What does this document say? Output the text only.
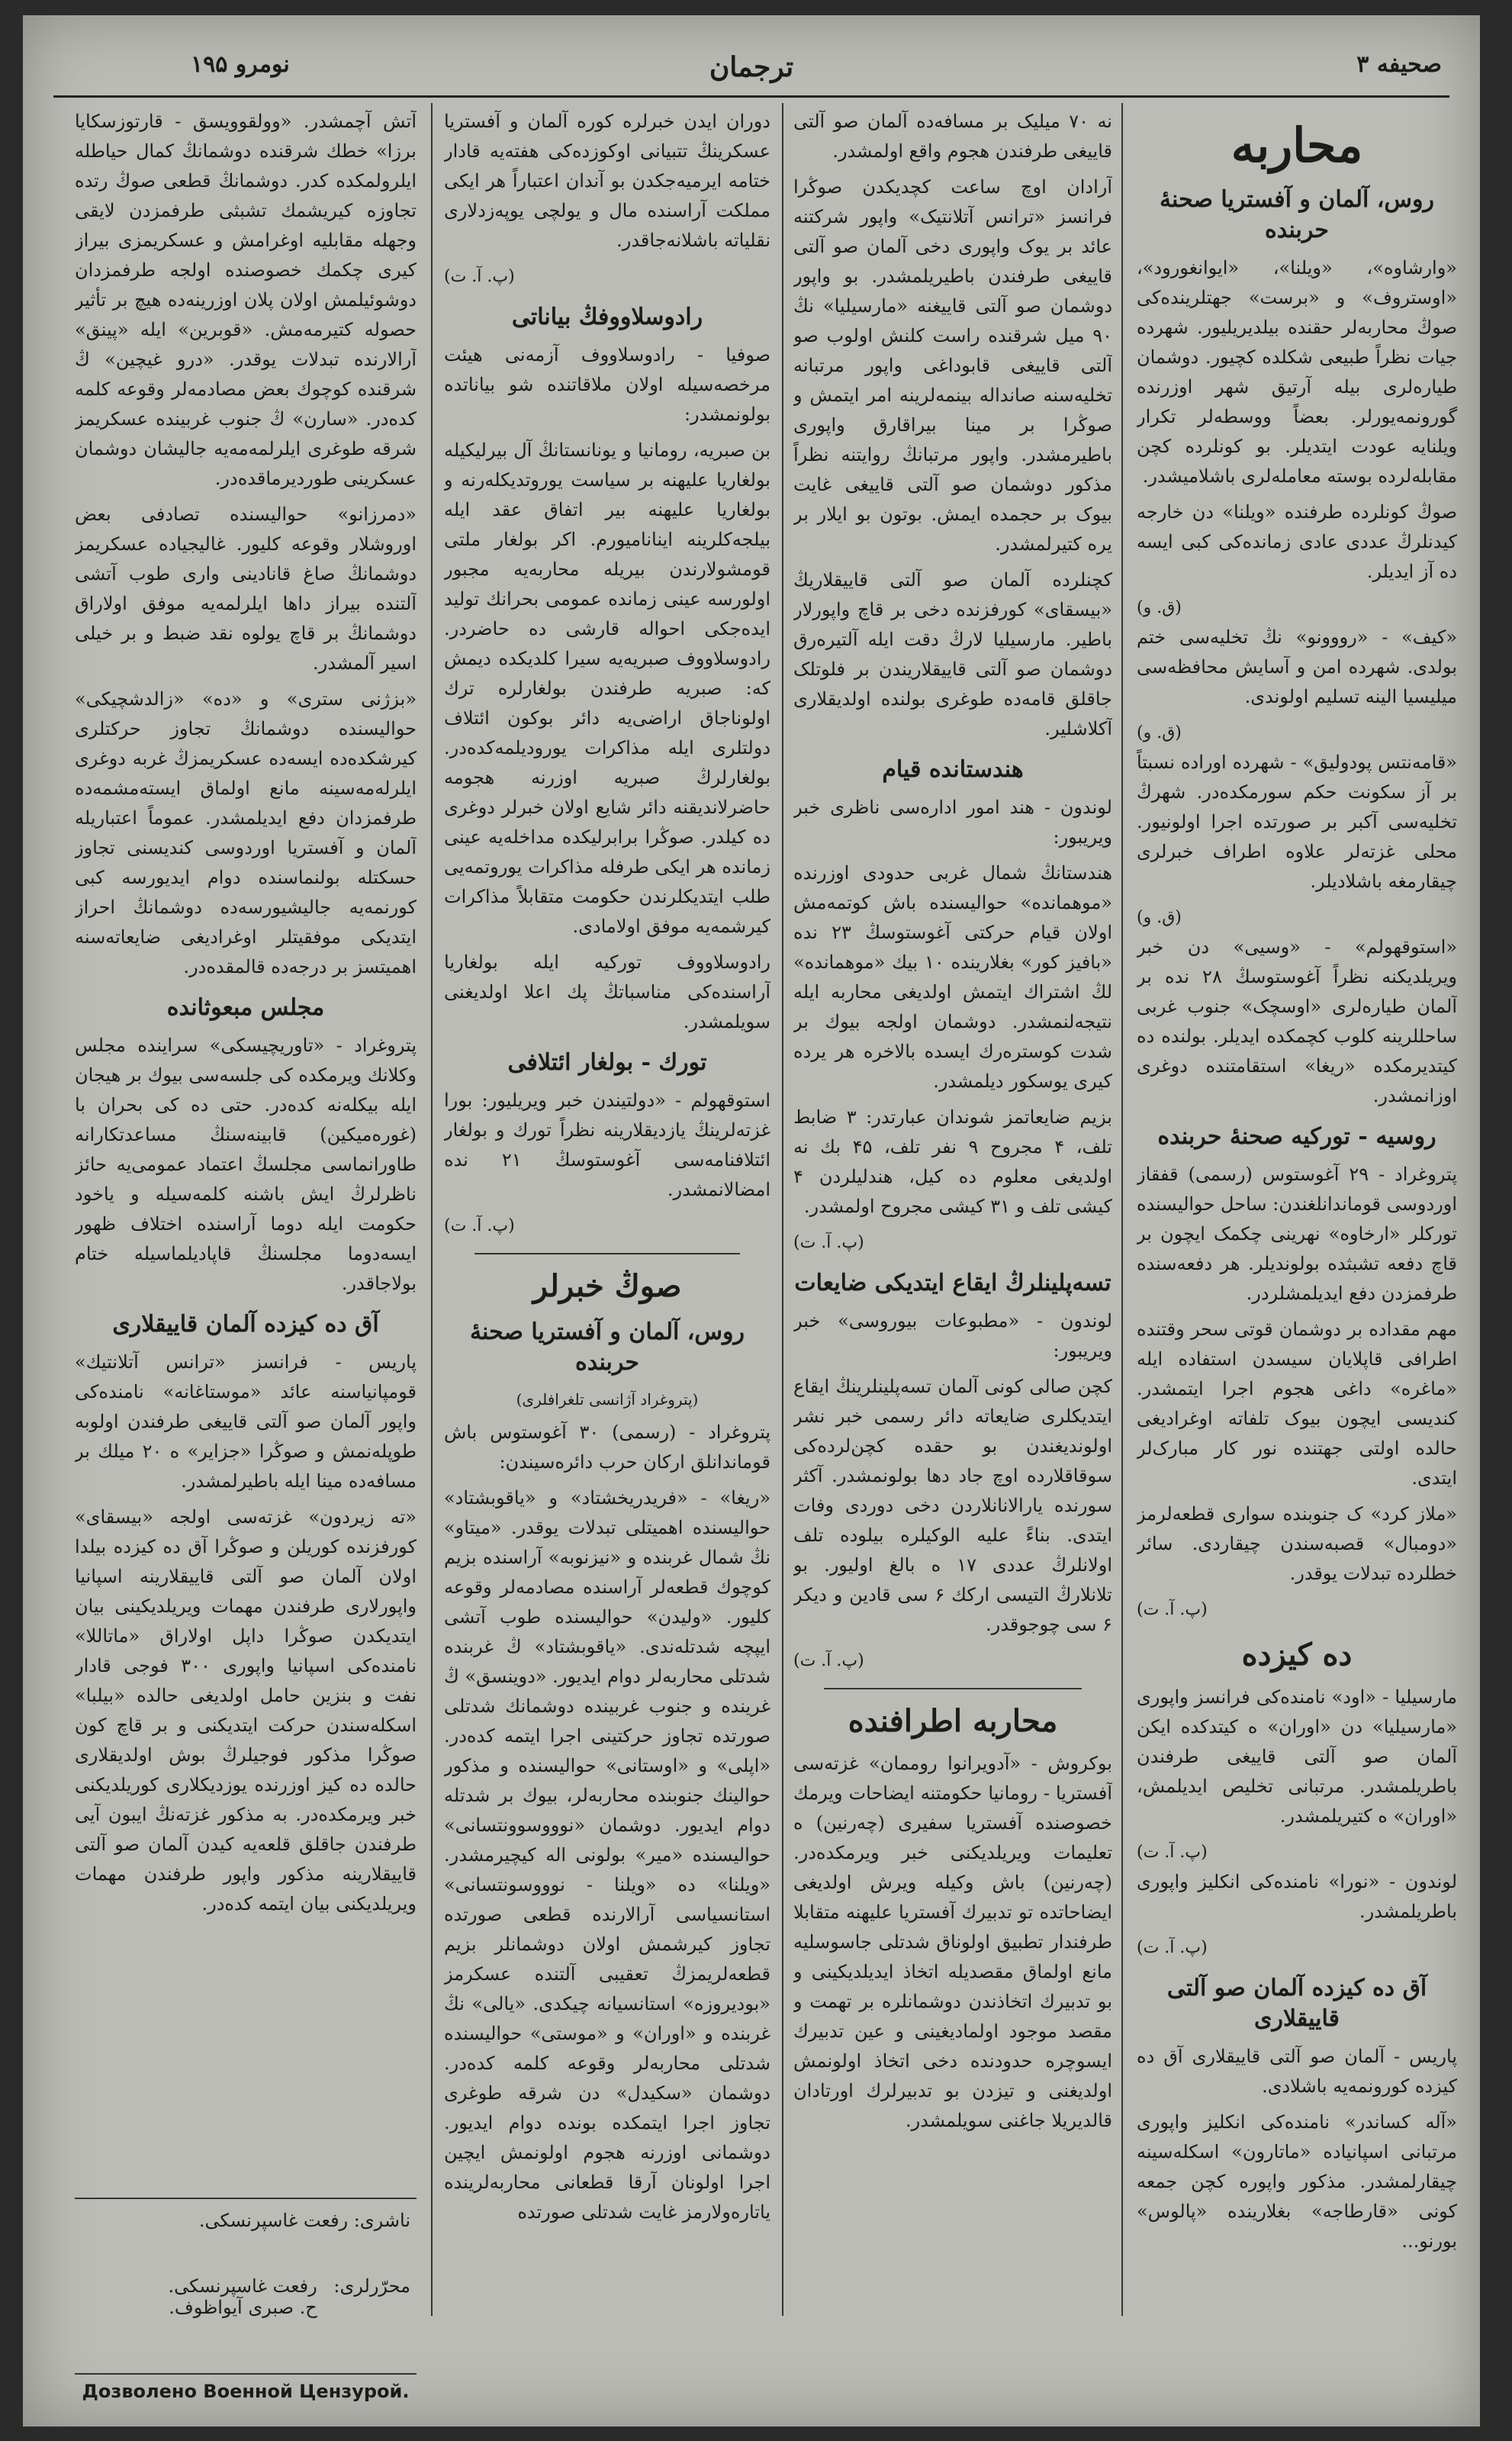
صحیفه ۳
ترجمان
نومرو ۱۹۵
محاربه
روس، آلمان و آفستریا صحنهٔ حربنده

«وارشاوه»، «ویلنا»، «ایوانغورود»، «اوستروف» و «برست» جهتلرینده‌کی صوڭ محاربه‌لر حقنده بیلدیریلیور. شهرده جیات نظراً طبیعی شکلده کچیور. دوشمان طیاره‌لری بیله آرتیق شهر اوزرنده گورونمه‌یورلر. بعضاً ووسطه‌لر تکرار ویلنایه عودت ایتدیلر. بو کونلرده کچن مقابله‌لرده بوسته معامله‌لری باشلامیشدر.

صوڭ کونلرده طرفنده «ویلنا» دن خارجه کیدنلرڭ عددی عادی زمانده‌کی کبی ایسه ده آز ایدیلر.

(ق. و)

«کیف» - «رووونو» نڭ تخلیه‌سی ختم بولدی. شهرده امن و آسایش محافظه‌سی میلیسیا الینه تسلیم اولوندی.

(ق. و)

«قامه‌نتس پودولیق» - شهرده اوراده نسبتاً بر آز سکونت حکم سورمکده‌در. شهرڭ تخلیه‌سی آکبر بر صورتده اجرا اولونیور. محلی غزته‌لر علاوه اطراف خبرلری چیقارمغه باشلادیلر.

(ق. و)

«استوقهولم» - «وسیی» دن خبر ویریلدیکنه نظراً آغوستوسڭ ۲۸ نده بر آلمان طیاره‌لری «اوسچک» جنوب غربی ساحللرینه کلوب کچمکده ایدیلر. بولنده ده کیتدیرمکده «ریغا» استقامتنده دوغری اوزانمشدر.

روسیه - تورکیه صحنهٔ حربنده

پتروغراد - ۲۹ آغوستوس (رسمی) قفقاز اوردوسی قوماندانلغندن: ساحل حوالیسنده تورکلر «ارخاوه» نهرینی چکمک ایچون بر قاچ دفعه تشبثده بولوندیلر. هر دفعه‌سنده طرفمزدن دفع ایدیلمشلردر.

مهم مقداده بر دوشمان قوتی سحر وقتنده اطرافی قاپلایان سیسدن استفاده ایله «ماغره» داغی هجوم اجرا ایتمشدر. کندیسی ایچون بیوک تلفاته اوغرادیغی حالده اولتی جهتنده نور کار مبارک‌لر ایتدی.

«ملاز کرد» ک جنوبنده سواری قطعه‌لرمز «دومبال» قصبه‌سندن چیقاردی. سائر خطلرده تبدلات یوقدر.

(پ. آ. ت)
ده کیزده

مارسیلیا - «اود» نامنده‌کی فرانسز واپوری «مارسیلیا» دن «اوران» ه کیتدکده ایکن آلمان صو آلتی قاییغی طرفندن باطریلمشدر. مرتبانی تخلیص ایدیلمش، «اوران» ه کتیریلمشدر.

(پ. آ. ت)

لوندون - «نورا» نامنده‌کی انکلیز واپوری باطریلمشدر.

(پ. آ. ت)
آق ده کیزده آلمان صو آلتی قاییقلاری

پاریس - آلمان صو آلتی قاییقلاری آق ده کیزده کورونمه‌یه باشلادی.

«آله کساندر» نامنده‌کی انکلیز واپوری مرتبانی اسپانیاده «ماتارون» اسکله‌سینه چیقارلمشدر. مذکور واپوره کچن جمعه کونی «قارطاجه» بغلارینده «پالوس» بورنو...

نه ۷۰ میلیک بر مسافه‌ده آلمان صو آلتی قاییغی طرفندن هجوم واقع اولمشدر.

آرادان اوچ ساعت کچدیکدن صوڭرا فرانسز «ترانس آتلانتیک» واپور شرکتنه عائد بر یوک واپوری دخی آلمان صو آلتی قاییغی طرفندن باطیریلمشدر. بو واپور دوشمان صو آلتی قاییغنه «مارسیلیا» نڭ ۹۰ میل شرقنده راست کلنش اولوب صو آلتی قاییغی قابوداغی واپور مرتبانه تخلیه‌سنه صانداله بینمه‌لرینه امر ایتمش و صوڭرا بر مینا بیراقارق واپوری باطیرمشدر. واپور مرتبانڭ روایتنه نظراً مذکور دوشمان صو آلتی قاییغی غایت بیوک بر حجمده ایمش. بوتون بو ایلار بر یره کتیرلمشدر.

کچنلرده آلمان صو آلتی قاییقلاریڭ «بیسقای» کورفزنده دخی بر قاچ واپورلار باطیر. مارسیلیا لارڭ دقت ایله آلتیره‌رق دوشمان صو آلتی قاییقلاریندن بر فلوتلک جاقلق قامه‌ده طوغری بولنده اولدیقلاری آکلاشلیر.

هندستانده قیام

لوندون - هند امور اداره‌سی ناظری خبر ویریبور:

هندستانڭ شمال غربی حدودی اوزرنده «موهمانده» حوالیسنده باش کوتمه‌مش اولان قیام حرکتی آغوستوسڭ ۲۳ نده «بافیز کور» بغلارینده ۱۰ بیك «موهمانده» لڭ اشتراك ایتمش اولدیغی محاربه ایله نتیجه‌لنمشدر. دوشمان اولجه بیوك بر شدت کوستره‌رك ایسده بالاخره هر یرده کیری یوسکور دیلمشدر.

بزیم ضایعاتمز شوندان عبارتدر: ۳ ضابط تلف، ۴ مجروح ۹ نفر تلف، ۴۵ بك نه اولدیغی معلوم ده کیل، هندلیلردن ۴ کیشی تلف و ۳۱ کیشی مجروح اولمشدر.

(پ. آ. ت)
تسه‌پلینلرڭ ایقاع ایتدیکی ضایعات

لوندون - «مطبوعات بیوروسی» خبر ویریبور:

کچن صالی کونی آلمان تسه‌پلینلرینڭ ایقاع ایتدیکلری ضایعاته دائر رسمی خبر نشر اولوندیغندن بو حقده کچن‌لرده‌کی سوقاقلارده اوچ جاد دها بولونمشدر. آکثر سورنده یارالانانلاردن دخی دوردی وفات ایتدی. بناءً علیه الوکیلره بیلوده تلف اولانلرڭ عددی ۱۷ ه بالغ اولیور. بو تلانلارڭ التیسی ارکك ۶ سی قادین و دیکر ۶ سی چوجوقدر.

(پ. آ. ت)
محاربه اطرافنده

بوکروش - «آدویرانوا روممان» غزته‌سی آفستریا - رومانیا حکومتنه ایضاحات ویرمك خصوصنده آفستریا سفیری (چه‌رنین) ه تعلیمات ویریلدیکنی خبر ویرمکده‌در. (چه‌رنین) باش وکیله ویرش اولدیغی ایضاحاتده تو تدبیرك آفستریا علیهنه متقابلا طرفندار تطبیق اولوناق شدتلی جاسوسلیه مانع اولماق مقصدیله اتخاذ ایدیلدیکینی و بو تدبیرك اتخاذندن دوشمانلره بر تهمت و مقصد موجود اولمادیغینی و عین تدبیرك ایسوچره حدودنده دخی اتخاذ اولونمش اولدیغنی و تیزدن بو تدبیرلرك اورتادان قالدیریلا جاغنی سویلمشدر.

دوران ایدن خبرلره کوره آلمان و آفستریا عسکرینڭ تتبیانی اوکوزده‌کی هفته‌یه قادار ختامه ایرمیه‌جکدن بو آندان اعتباراً هر ایکی مملکت آراسنده مال و یولچی یوپه‌زدلاری نقلیاته باشلانه‌جاقدر.

(پ. آ. ت)
رادوسلاووفڭ بیاناتی

صوفیا - رادوسلاووف آزمه‌نی هیئت مرخصه‌سیله اولان ملاقاتنده شو بیاناتده بولونمشدر:

بن صبریه، رومانیا و یونانستانڭ آل بیرلیکیله بولغاریا علیهنه بر سیاست یوروتدیکله‌رنه و بولغاریا علیهنه بیر اتفاق عقد ایله بیلجه‌کلرینه اینانامیورم. اکر بولغار ملتی قومشولارندن بیریله محاربه‌یه مجبور اولورسه عینی زمانده عمومی بحرانك تولید ایده‌جکی احواله قارشی ده حاضردر. رادوسلاووف صبریه‌یه سیرا کلدیکده دیمش که: صبریه طرفندن بولغارلره ترك اولوناجاق اراضی‌یه دائر بوکون ائتلاف دولتلری ایله مذاکرات یورودیلمه‌کده‌در. بولغارلرڭ صبریه اوزرنه هجومه حاضرلاندیقنه دائر شایع اولان خبرلر دوغری ده کیلدر. صوڭرا برابرلیکده مداخله‌یه عینی زمانده هر ایکی طرفله مذاکرات یوروتمه‌یی طلب ایتدیکلرندن حکومت متقابلاً مذاکرات کیرشمه‌یه موفق اولامادی.

رادوسلاووف تورکیه ایله بولغاریا آراسنده‌کی مناسباتڭ پك اعلا اولدیغنی سویلمشدر.

تورك - بولغار ائتلافی

استوقهولم - «دولتیندن خبر ویریلیور: بورا غزته‌لرینڭ یازدیقلارینه نظراً تورك و بولغار ائتلافنامه‌سی آغوستوسڭ ۲۱ نده امضالانمشدر.

(پ. آ. ت)
صوڭ خبرلر
روس، آلمان و آفستریا صحنهٔ حربنده
(پتروغراد آژانسی تلغرافلری)

پتروغراد - (رسمی) ۳۰ آغوستوس باش قوماندانلق ارکان حرب دائره‌سیندن:

«ریغا» - «فریدریخشتاد» و «یاقوبشتاد» حوالیسنده اهمیتلی تبدلات یوقدر. «میتاو» نڭ شمال غربنده و «نیزنوبه» آراسنده بزیم کوچوك قطعه‌لر آراسنده مصادمه‌لر وقوعه کلیور. «ولیدن» حوالیسنده طوب آتشی ایپچه شدتله‌ندی. «یاقوبشتاد» ڭ غربنده شدتلی محاربه‌لر دوام ایدیور. «دوینسق» ڭ غرینده و جنوب غربینده دوشمانك شدتلی صورتده تجاوز حرکتینی اجرا ایتمه کده‌در. «اپلی» و «اوستانی» حوالیسنده و مذکور حوالینك جنوبنده محاربه‌لر، بیوك بر شدتله دوام ایدیور. دوشمان «نوووسوونتسانی» حوالیسنده «میر» بولونی اله کیچیرمشدر. «ویلنا» ده «ویلنا - نوووسونتسانی» استانسیاسی آرالارنده قطعی صورتده تجاوز کیرشمش اولان دوشمانلر بزیم قطعه‌لریمزڭ تعقیبی آلتنده عسکرمز «بودیروزه» استانسیانه چیکدی. «یالی» نڭ غربنده و «اوران» و «موستی» حوالیسنده شدتلی محاربه‌لر وقوعه کلمه کده‌در. دوشمان «سکیدل» دن شرقه طوغری تجاوز اجرا ایتمکده بونده دوام ایدیور. دوشمانی اوزرنه هجوم اولونمش ایچین اجرا اولونان آرقا قطعانی محاربه‌لرینده یاتاره‌ولارمز غایت شدتلی صورتده

آتش آچمشدر. «وولقوویسق - قارتوزسکایا برزا» خطك شرقنده دوشمانڭ کمال حیاطله ایلرولمکده کدر. دوشمانڭ قطعی صوڭ رتده تجاوزه کیریشمك تشبثی طرفمزدن لایقی وجهله مقابلیه اوغرامش و عسکریمزی بیراز کیری چکمك خصوصنده اولجه طرفمزدان دوشوئیلمش اولان پلان اوزرینه‌ده هیچ بر تأثیر حصوله کتیرمه‌مش. «قوبرین» ایله «پینق» آرالارنده تبدلات یوقدر. «درو غیچین» ڭ شرقنده کوچوك بعض مصادمه‌لر وقوعه کلمه کده‌در. «سارن» ڭ جنوب غربینده عسکریمز شرقه طوغری ایلرلمه‌مه‌یه جالیشان دوشمان عسکرینی طوردیرماقده‌در.

«دمرزانو» حوالیسنده تصادفی بعض اوروشلار وقوعه کلیور. غالیجیاده عسکریمز دوشمانڭ صاغ قانادینی واری طوب آتشی آلتنده بیراز داها ایلرلمه‌یه موفق اولاراق دوشمانڭ بر قاچ یولوه نقد ضبط و بر خیلی اسیر آلمشدر.

«بزژنی ستری» و «ده» «زالدشچیکی» حوالیسنده دوشمانڭ تجاوز حرکتلری کیرشکده‌ده ایسه‌ده عسکریمزڭ غربه دوغری ایلرله‌مه‌سینه مانع اولماق ایسته‌مشمه‌ده طرفمزدان دفع ایدیلمشدر. عموماً اعتباریله آلمان و آفستریا اوردوسی کندیسنی تجاوز حسکتله بولنماسنده دوام ایدیورسه کبی کورنمه‌یه جالیشیورسه‌ده دوشمانڭ احراز ایتدیکی موفقیتلر اوغرادیغی ضایعاته‌سنه اهمیتسز بر درجه‌ده قالمقده‌در.

مجلس مبعوثانده

پتروغراد - «تاوریچیسکی» سراینده مجلس وکلانك ویرمکده کی جلسه‌سی بیوك بر هیجان ایله بیکله‌نه کده‌در. حتی ده کی بحران با (غوره‌میکین) قابینه‌سنڭ مساعدتکارانه طاورانماسی مجلسڭ اعتماد عمومی‌یه حائز ناظرلرڭ ایش باشنه کلمه‌سیله و یاخود حکومت ایله دوما آراسنده اختلاف ظهور ایسه‌دوما مجلسنڭ قاپادیلماسیله ختام بولاجاقدر.

آق ده کیزده آلمان قاییقلاری

پاریس - فرانسز «ترانس آتلانتیك» قومپانیاسنه عائد «موستاغانه» نامنده‌کی واپور آلمان صو آلتی قاییغی طرفندن اولوبه طوپله‌نمش و صوڭرا «جزایر» ه ۲۰ میلك بر مسافه‌ده مینا ایله باطیرلمشدر.

«ته زیردون» غزته‌سی اولجه «بیسقای» کورفزنده کوریلن و صوڭرا آق ده کیزده بیلدا اولان آلمان صو آلتی قاییقلارینه اسپانیا واپورلاری طرفندن مهمات ویریلدیکینی بیان ایتدیکدن صوڭرا داپل اولاراق «ماتاللا» نامنده‌کی اسپانیا واپوری ۳۰۰ فوجی قادار نفت و بنزین حامل اولدیغی حالده «بیلبا» اسکله‌سندن حرکت ایتدیکنی و بر قاچ کون صوڭرا مذکور فوجیلرڭ بوش اولدیقلاری حالده ده کیز اوزرنده یوزدیکلاری کوریلدیکنی خبر ویرمکده‌در. به مذکور غزته‌نڭ ایبون آیی طرفندن جاقلق قلعه‌یه کیدن آلمان صو آلتی قاییقلارینه مذکور واپور طرفندن مهمات ویریلدیکنی بیان ایتمه کده‌در.

ناشری: رفعت غاسپرنسکی.
محرّرلری:
رفعت غاسپرنسکی.
ح. صبری آیواظوف.
Дозволено Военной Цензурой.
